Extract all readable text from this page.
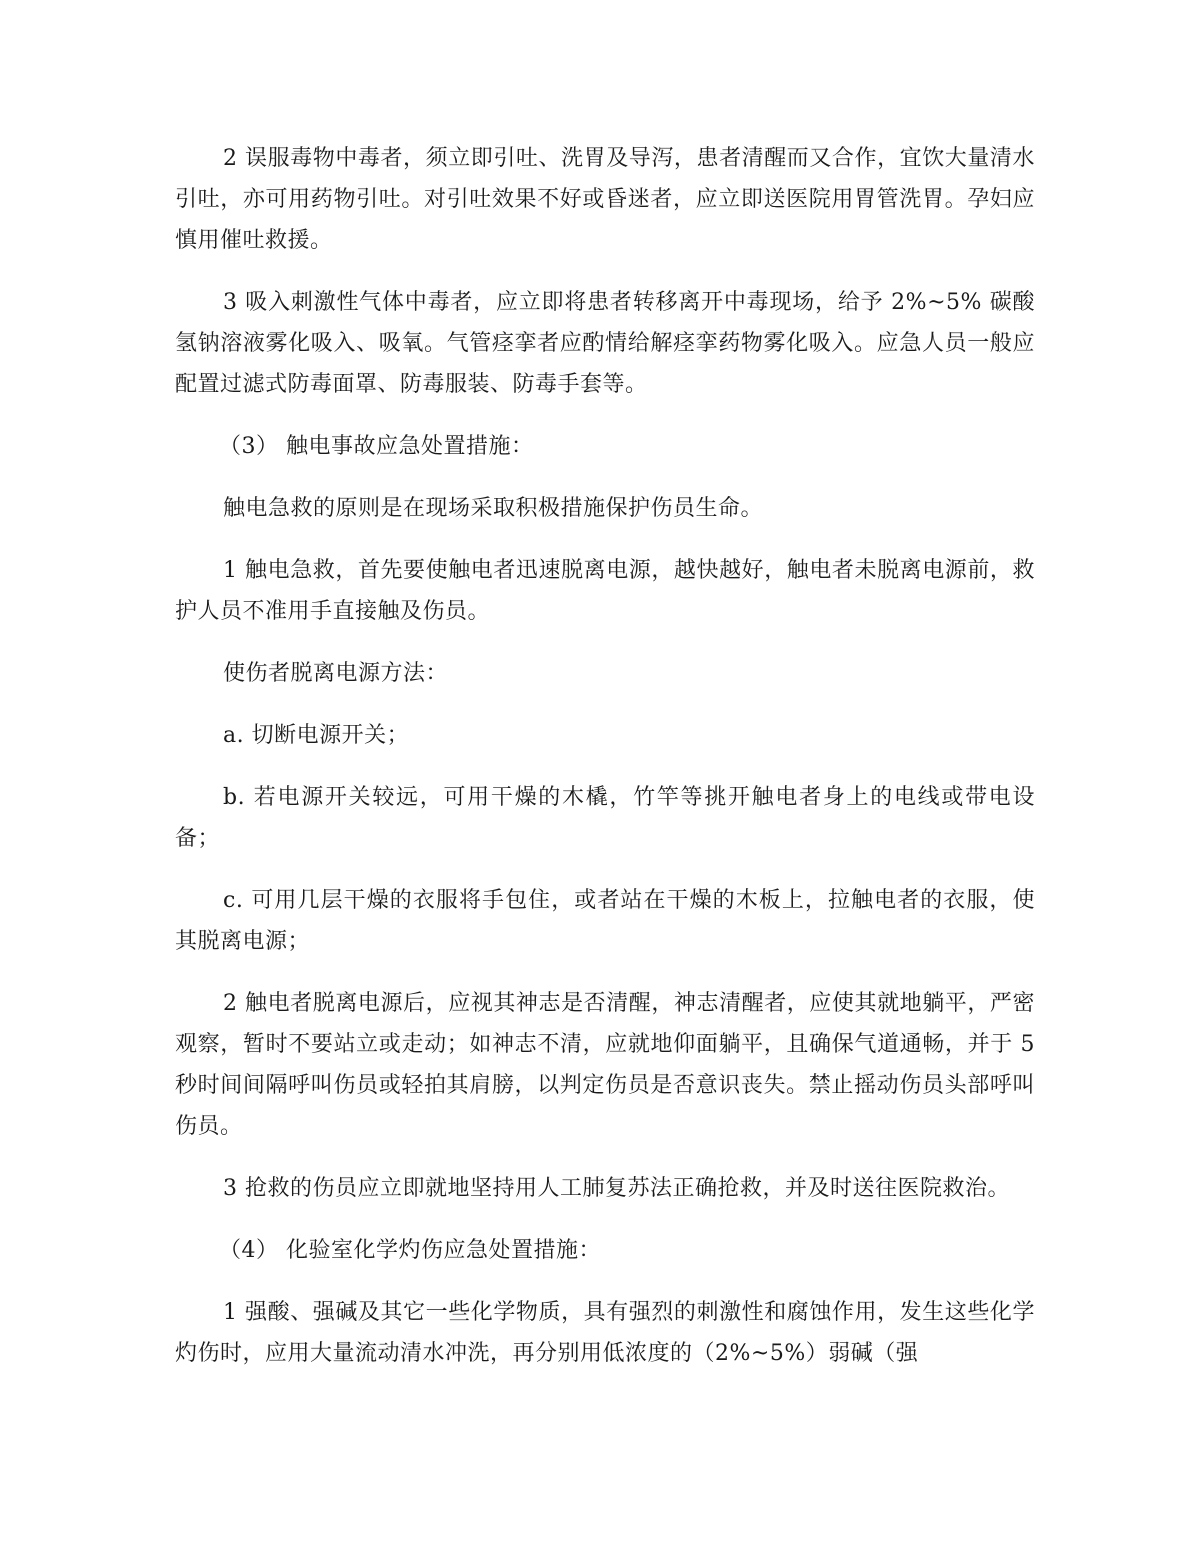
2 误服毒物中毒者，须立即引吐、洗胃及导泻，患者清醒而又合作，宜饮大量清水引吐，亦可用药物引吐。对引吐效果不好或昏迷者，应立即送医院用胃管洗胃。孕妇应慎用催吐救援。

3 吸入刺激性气体中毒者，应立即将患者转移离开中毒现场，给予 2%~5% 碳酸氢钠溶液雾化吸入、吸氧。气管痉挛者应酌情给解痉挛药物雾化吸入。应急人员一般应配置过滤式防毒面罩、防毒服装、防毒手套等。

（3） 触电事故应急处置措施：

触电急救的原则是在现场采取积极措施保护伤员生命。

1 触电急救，首先要使触电者迅速脱离电源，越快越好，触电者未脱离电源前，救护人员不准用手直接触及伤员。

使伤者脱离电源方法：

a. 切断电源开关；

b. 若电源开关较远，可用干燥的木橇，竹竿等挑开触电者身上的电线或带电设备；

c. 可用几层干燥的衣服将手包住，或者站在干燥的木板上，拉触电者的衣服，使其脱离电源；

2 触电者脱离电源后，应视其神志是否清醒，神志清醒者，应使其就地躺平，严密观察，暂时不要站立或走动；如神志不清，应就地仰面躺平，且确保气道通畅，并于 5 秒时间间隔呼叫伤员或轻拍其肩膀，以判定伤员是否意识丧失。禁止摇动伤员头部呼叫伤员。

3 抢救的伤员应立即就地坚持用人工肺复苏法正确抢救，并及时送往医院救治。

（4） 化验室化学灼伤应急处置措施：

1 强酸、强碱及其它一些化学物质，具有强烈的刺激性和腐蚀作用，发生这些化学灼伤时，应用大量流动清水冲洗，再分别用低浓度的（2%~5%）弱碱（强
